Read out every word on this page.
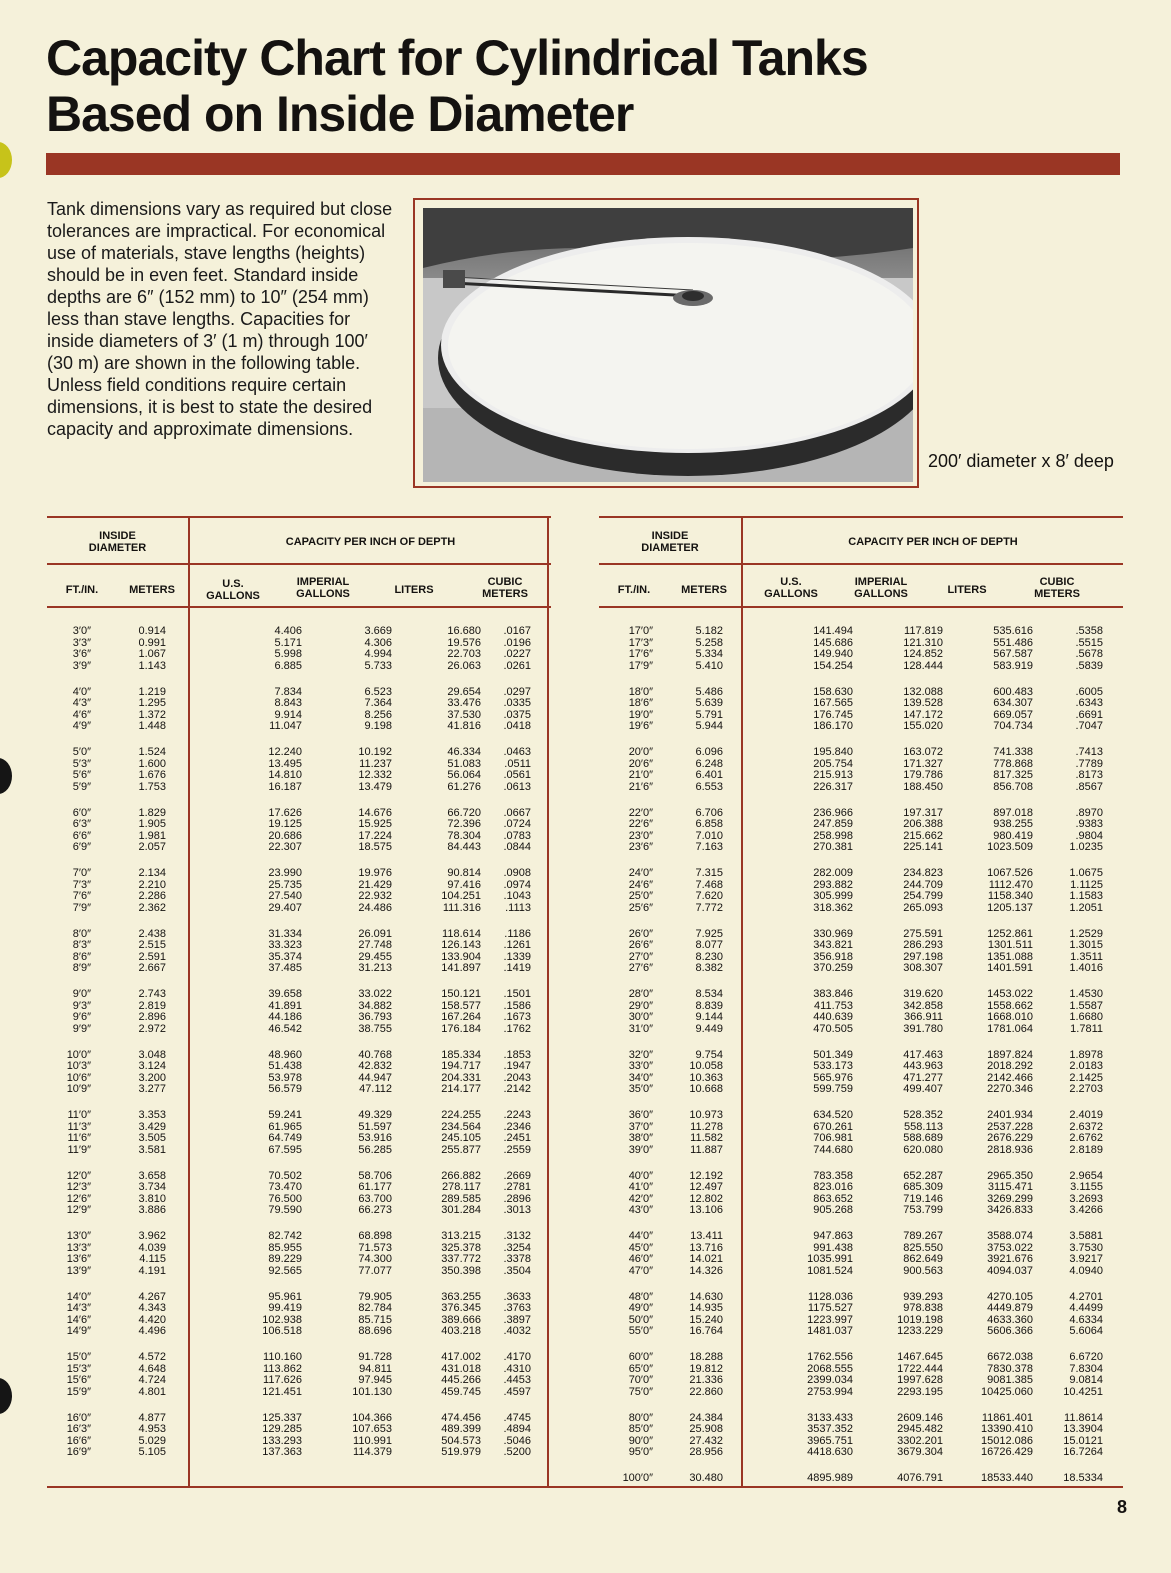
Capacity Chart for Cylindrical Tanks
Based on Inside Diameter

Tank dimensions vary as required but close tolerances are impractical. For economical use of materials, stave lengths (heights) should be in even feet. Standard inside depths are 6″ (152 mm) to 10″ (254 mm) less than stave lengths. Capacities for inside diameters of 3′ (1 m) through 100′ (30 m) are shown in the following table. Unless field conditions require certain dimensions, it is best to state the desired capacity and approximate dimensions.

200′ diameter x 8′ deep

INSIDE
DIAMETER	CAPACITY PER INCH OF DEPTH
FT./IN.	METERS	U.S.
GALLONS
IMPERIAL
GALLONS	LITERS
CUBIC
METERS
3′0″	0.914	4.406	3.669	16.680 .0167
3′3″	0.991	5.171	4.306	19.576 .0196
3′6″	1.067	5.998	4.994	22.703 .0227
3′9″	1.143	6.885	5.733	26.063 .0261
4′0″	1.219	7.834	6.523	29.654 .0297
4′3″	1.295	8.843	7.364	33.476 .0335
4′6″	1.372	9.914	8.256	37.530 .0375
4′9″	1.448	11.047	9.198	41.816 .0418
5′0″	1.524	12.240	10.192	46.334 .0463
5′3″	1.600	13.495	11.237	51.083 .0511
5′6″	1.676	14.810	12.332	56.064 .0561
5′9″	1.753	16.187	13.479	61.276 .0613
6′0″	1.829	17.626	14.676	66.720 .0667
6′3″	1.905	19.125	15.925	72.396 .0724
6′6″	1.981	20.686	17.224	78.304 .0783
6′9″	2.057	22.307	18.575	84.443 .0844
7′0″	2.134	23.990	19.976	90.814 .0908
7′3″	2.210	25.735	21.429	97.416 .0974
7′6″	2.286	27.540	22.932	104.251 .1043
7′9″	2.362	29.407	24.486	111.316 .1113
8′0″	2.438	31.334	26.091	118.614 .1186
8′3″	2.515	33.323	27.748	126.143 .1261
8′6″	2.591	35.374	29.455	133.904 .1339
8′9″	2.667	37.485	31.213	141.897 .1419
9′0″	2.743	39.658	33.022	150.121 .1501
9′3″	2.819	41.891	34.882	158.577 .1586
9′6″	2.896	44.186	36.793	167.264 .1673
9′9″	2.972	46.542	38.755	176.184 .1762
10′0″	3.048	48.960	40.768	185.334 .1853
10′3″	3.124	51.438	42.832	194.717 .1947
10′6″	3.200	53.978	44.947	204.331 .2043
10′9″	3.277	56.579	47.112	214.177 .2142
11′0″	3.353	59.241	49.329	224.255 .2243
11′3″	3.429	61.965	51.597	234.564 .2346
11′6″	3.505	64.749	53.916	245.105 .2451
11′9″	3.581	67.595	56.285	255.877 .2559
12′0″	3.658	70.502	58.706	266.882 .2669
12′3″	3.734	73.470	61.177	278.117 .2781
12′6″	3.810	76.500	63.700	289.585 .2896
12′9″	3.886	79.590	66.273	301.284 .3013
13′0″	3.962	82.742	68.898	313.215 .3132
13′3″	4.039	85.955	71.573	325.378 .3254
13′6″	4.115	89.229	74.300	337.772 .3378
13′9″	4.191	92.565	77.077	350.398 .3504
14′0″	4.267	95.961	79.905	363.255 .3633
14′3″	4.343	99.419	82.784	376.345 .3763
14′6″	4.420	102.938	85.715	389.666 .3897
14′9″	4.496	106.518	88.696	403.218 .4032
15′0″	4.572	110.160	91.728	417.002 .4170
15′3″	4.648	113.862	94.811	431.018 .4310
15′6″	4.724	117.626	97.945	445.266 .4453
15′9″	4.801	121.451	101.130	459.745 .4597
16′0″	4.877	125.337	104.366	474.456 .4745
16′3″	4.953	129.285	107.653	489.399 .4894
16′6″	5.029	133.293	110.991	504.573 .5046
16′9″	5.105	137.363	114.379	519.979 .5200
INSIDE
DIAMETER	CAPACITY PER INCH OF DEPTH
FT./IN.	METERS
U.S.
GALLONS
IMPERIAL
GALLONS	LITERS
CUBIC
METERS
17′0″	5.182	141.494	117.819	535.616	.5358
17′3″	5.258	145.686	121.310	551.486	.5515
17′6″	5.334	149.940	124.852	567.587	.5678
17′9″	5.410	154.254	128.444	583.919	.5839
18′0″	5.486	158.630	132.088	600.483	.6005
18′6″	5.639	167.565	139.528	634.307	.6343
19′0″	5.791	176.745	147.172	669.057	.6691
19′6″	5.944	186.170	155.020	704.734	.7047
20′0″	6.096	195.840	163.072	741.338	.7413
20′6″	6.248	205.754	171.327	778.868	.7789
21′0″	6.401	215.913	179.786	817.325	.8173
21′6″	6.553	226.317	188.450	856.708	.8567
22′0″	6.706	236.966	197.317	897.018	.8970
22′6″	6.858	247.859	206.388	938.255	.9383
23′0″	7.010	258.998	215.662	980.419	.9804
23′6″	7.163	270.381	225.141	1023.509	1.0235
24′0″	7.315	282.009	234.823	1067.526	1.0675
24′6″	7.468	293.882	244.709	1112.470	1.1125
25′0″	7.620	305.999	254.799	1158.340	1.1583
25′6″	7.772	318.362	265.093	1205.137	1.2051
26′0″	7.925	330.969	275.591	1252.861	1.2529
26′6″	8.077	343.821	286.293	1301.511	1.3015
27′0″	8.230	356.918	297.198	1351.088	1.3511
27′6″	8.382	370.259	308.307	1401.591	1.4016
28′0″	8.534	383.846	319.620	1453.022	1.4530
29′0″	8.839	411.753	342.858	1558.662	1.5587
30′0″	9.144	440.639	366.911	1668.010	1.6680
31′0″	9.449	470.505	391.780	1781.064	1.7811
32′0″	9.754	501.349	417.463	1897.824	1.8978
33′0″	10.058	533.173	443.963	2018.292	2.0183
34′0″	10.363	565.976	471.277	2142.466	2.1425
35′0″	10.668	599.759	499.407	2270.346	2.2703
36′0″	10.973	634.520	528.352	2401.934	2.4019
37′0″	11.278	670.261	558.113	2537.228	2.6372
38′0″	11.582	706.981	588.689	2676.229	2.6762
39′0″	11.887	744.680	620.080	2818.936	2.8189
40′0″	12.192	783.358	652.287	2965.350	2.9654
41′0″	12.497	823.016	685.309	3115.471	3.1155
42′0″	12.802	863.652	719.146	3269.299	3.2693
43′0″	13.106	905.268	753.799	3426.833	3.4266
44′0″	13.411	947.863	789.267	3588.074	3.5881
45′0″	13.716	991.438	825.550	3753.022	3.7530
46′0″	14.021	1035.991	862.649	3921.676	3.9217
47′0″	14.326	1081.524	900.563	4094.037	4.0940
48′0″	14.630	1128.036	939.293	4270.105	4.2701
49′0″	14.935	1175.527	978.838	4449.879	4.4499
50′0″	15.240	1223.997	1019.198	4633.360	4.6334
55′0″	16.764	1481.037	1233.229	5606.366	5.6064
60′0″	18.288	1762.556	1467.645	6672.038	6.6720
65′0″	19.812	2068.555	1722.444	7830.378	7.8304
70′0″	21.336	2399.034	1997.628	9081.385	9.0814
75′0″	22.860	2753.994	2293.195	10425.060	10.4251
80′0″	24.384	3133.433	2609.146	11861.401	11.8614
85′0″	25.908	3537.352	2945.482	13390.410	13.3904
90′0″	27.432	3965.751	3302.201	15012.086	15.0121
95′0″	28.956	4418.630	3679.304	16726.429	16.7264
100′0″	30.480	4895.989	4076.791	18533.440	18.5334

8
